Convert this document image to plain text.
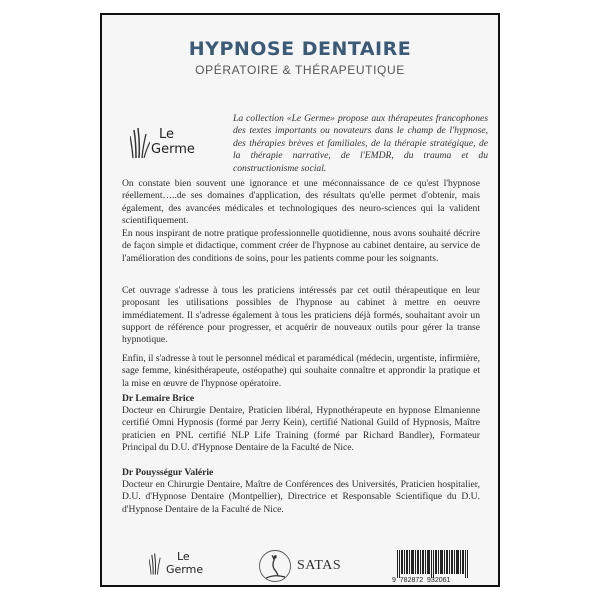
HYPNOSE DENTAIRE
OPÉRATOIRE & THÉRAPEUTIQUE
Le
Germe
La collection «Le Germe» propose aux thérapeutes francophones des textes importants ou novateurs dans le champ de l'hypnose, des thérapies brèves et familiales, de la thérapie stratégique, de la thérapie narrative, de l'EMDR, du trauma et du constructionisme social.
On constate bien souvent une ignorance et une méconnaissance de ce qu'est l'hypnose réellement…..de ses domaines d'application, des résultats qu'elle permet d'obtenir, mais également, des avancées médicales et technologiques des neuro-sciences qui la valident scientifiquement.
En nous inspirant de notre pratique professionnelle quotidienne, nous avons souhaité décrire de façon simple et didactique, comment créer de l'hypnose au cabinet dentaire, au service de l'amélioration des conditions de soins, pour les patients comme pour les soignants.
Cet ouvrage s'adresse à tous les praticiens intéressés par cet outil thérapeutique en leur proposant les utilisations possibles de l'hypnose au cabinet à mettre en oeuvre immédiatement. Il s'adresse également à tous les praticiens déjà formés, souhaitant avoir un support de référence pour progresser, et acquérir de nouveaux outils pour gérer la transe hypnotique.
Enfin, il s'adresse à tout le personnel médical et paramédical (médecin, urgentiste, infirmière, sage femme, kinésithérapeute, ostéopathe) qui souhaite connaître et approndir la pratique et la mise en œuvre de l'hypnose opératoire.
Dr Lemaire Brice
Docteur en Chirurgie Dentaire, Praticien libéral, Hypnothérapeute en hypnose Elmanienne certifié Omni Hypnosis (formé par Jerry Kein), certifié National Guild of Hypnosis, Maître praticien en PNL certifié NLP Life Training (formé par Richard Bandler), Formateur Principal du D.U. d'Hypnose Dentaire de la Faculté de Nice.
Dr Pouysségur Valérie
Docteur en Chirurgie Dentaire, Maître de Conférences des Universités, Praticien hospitalier, D.U. d'Hypnose Dentaire (Montpellier), Directrice et Responsable Scientifique du D.U. d'Hypnose Dentaire de la Faculté de Nice.
Le
Germe	SATAS
9  782872  932061
